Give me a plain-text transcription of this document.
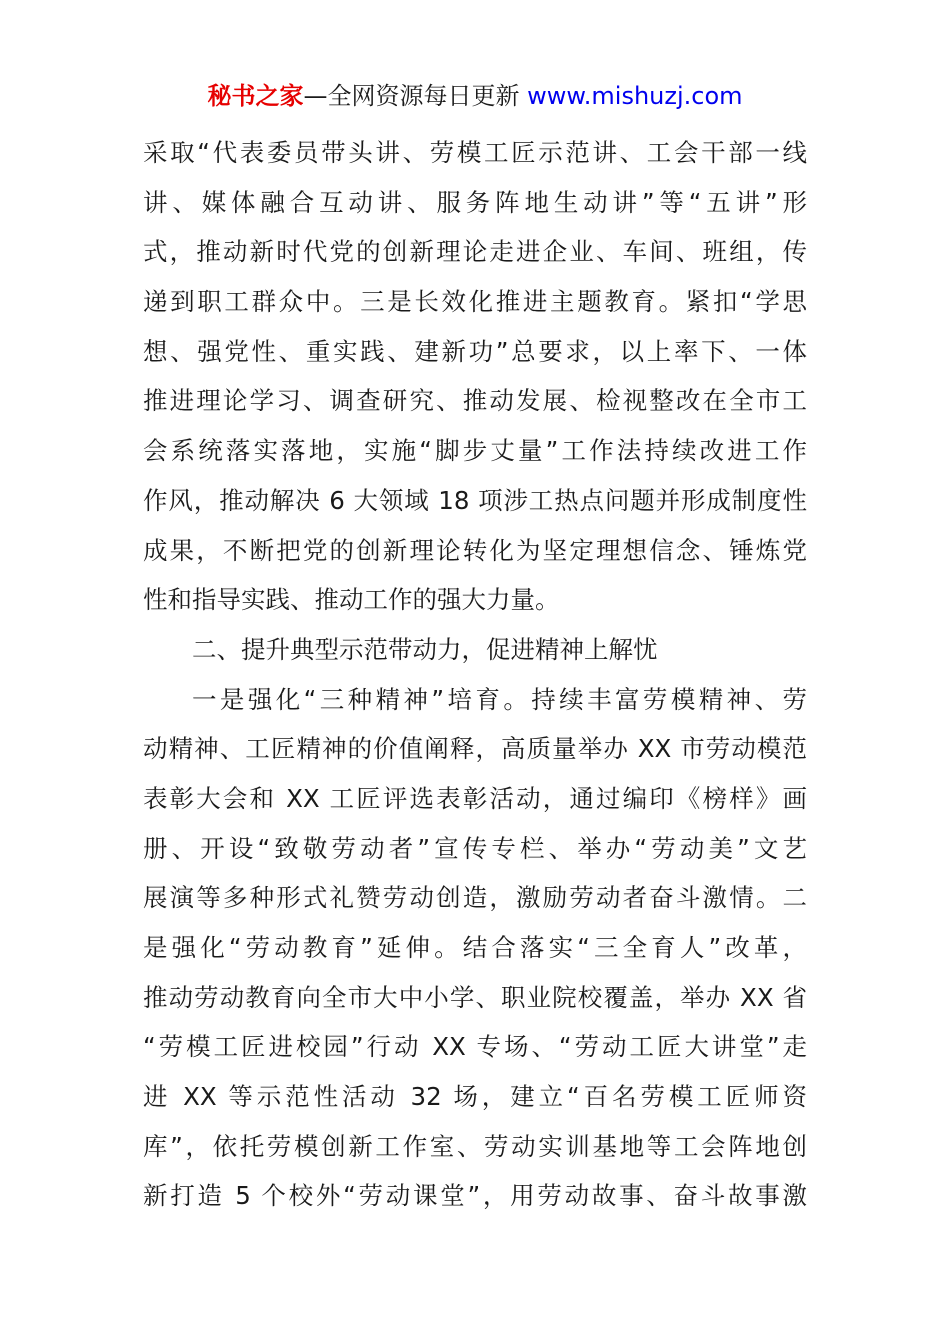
秘书之家—全网资源每日更新 www.mishuzj.com
采取“代表委员带头讲、劳模工匠示范讲、工会干部一线
讲、媒体融合互动讲、服务阵地生动讲”等“五讲”形
式，推动新时代党的创新理论走进企业、车间、班组，传
递到职工群众中。三是长效化推进主题教育。紧扣“学思
想、强党性、重实践、建新功”总要求，以上率下、一体
推进理论学习、调查研究、推动发展、检视整改在全市工
会系统落实落地，实施“脚步丈量”工作法持续改进工作
作风，推动解决 6 大领域 18 项涉工热点问题并形成制度性
成果，不断把党的创新理论转化为坚定理想信念、锤炼党
性和指导实践、推动工作的强大力量。
二、提升典型示范带动力，促进精神上解忧
一是强化“三种精神”培育。持续丰富劳模精神、劳
动精神、工匠精神的价值阐释，高质量举办 XX 市劳动模范
表彰大会和 XX 工匠评选表彰活动，通过编印《榜样》画
册、开设“致敬劳动者”宣传专栏、举办“劳动美”文艺
展演等多种形式礼赞劳动创造，激励劳动者奋斗激情。二
是强化“劳动教育”延伸。结合落实“三全育人”改革，
推动劳动教育向全市大中小学、职业院校覆盖，举办 XX 省
“劳模工匠进校园”行动 XX 专场、“劳动工匠大讲堂”走
进 XX 等示范性活动 32 场，建立“百名劳模工匠师资
库”，依托劳模创新工作室、劳动实训基地等工会阵地创
新打造 5 个校外“劳动课堂”，用劳动故事、奋斗故事激
